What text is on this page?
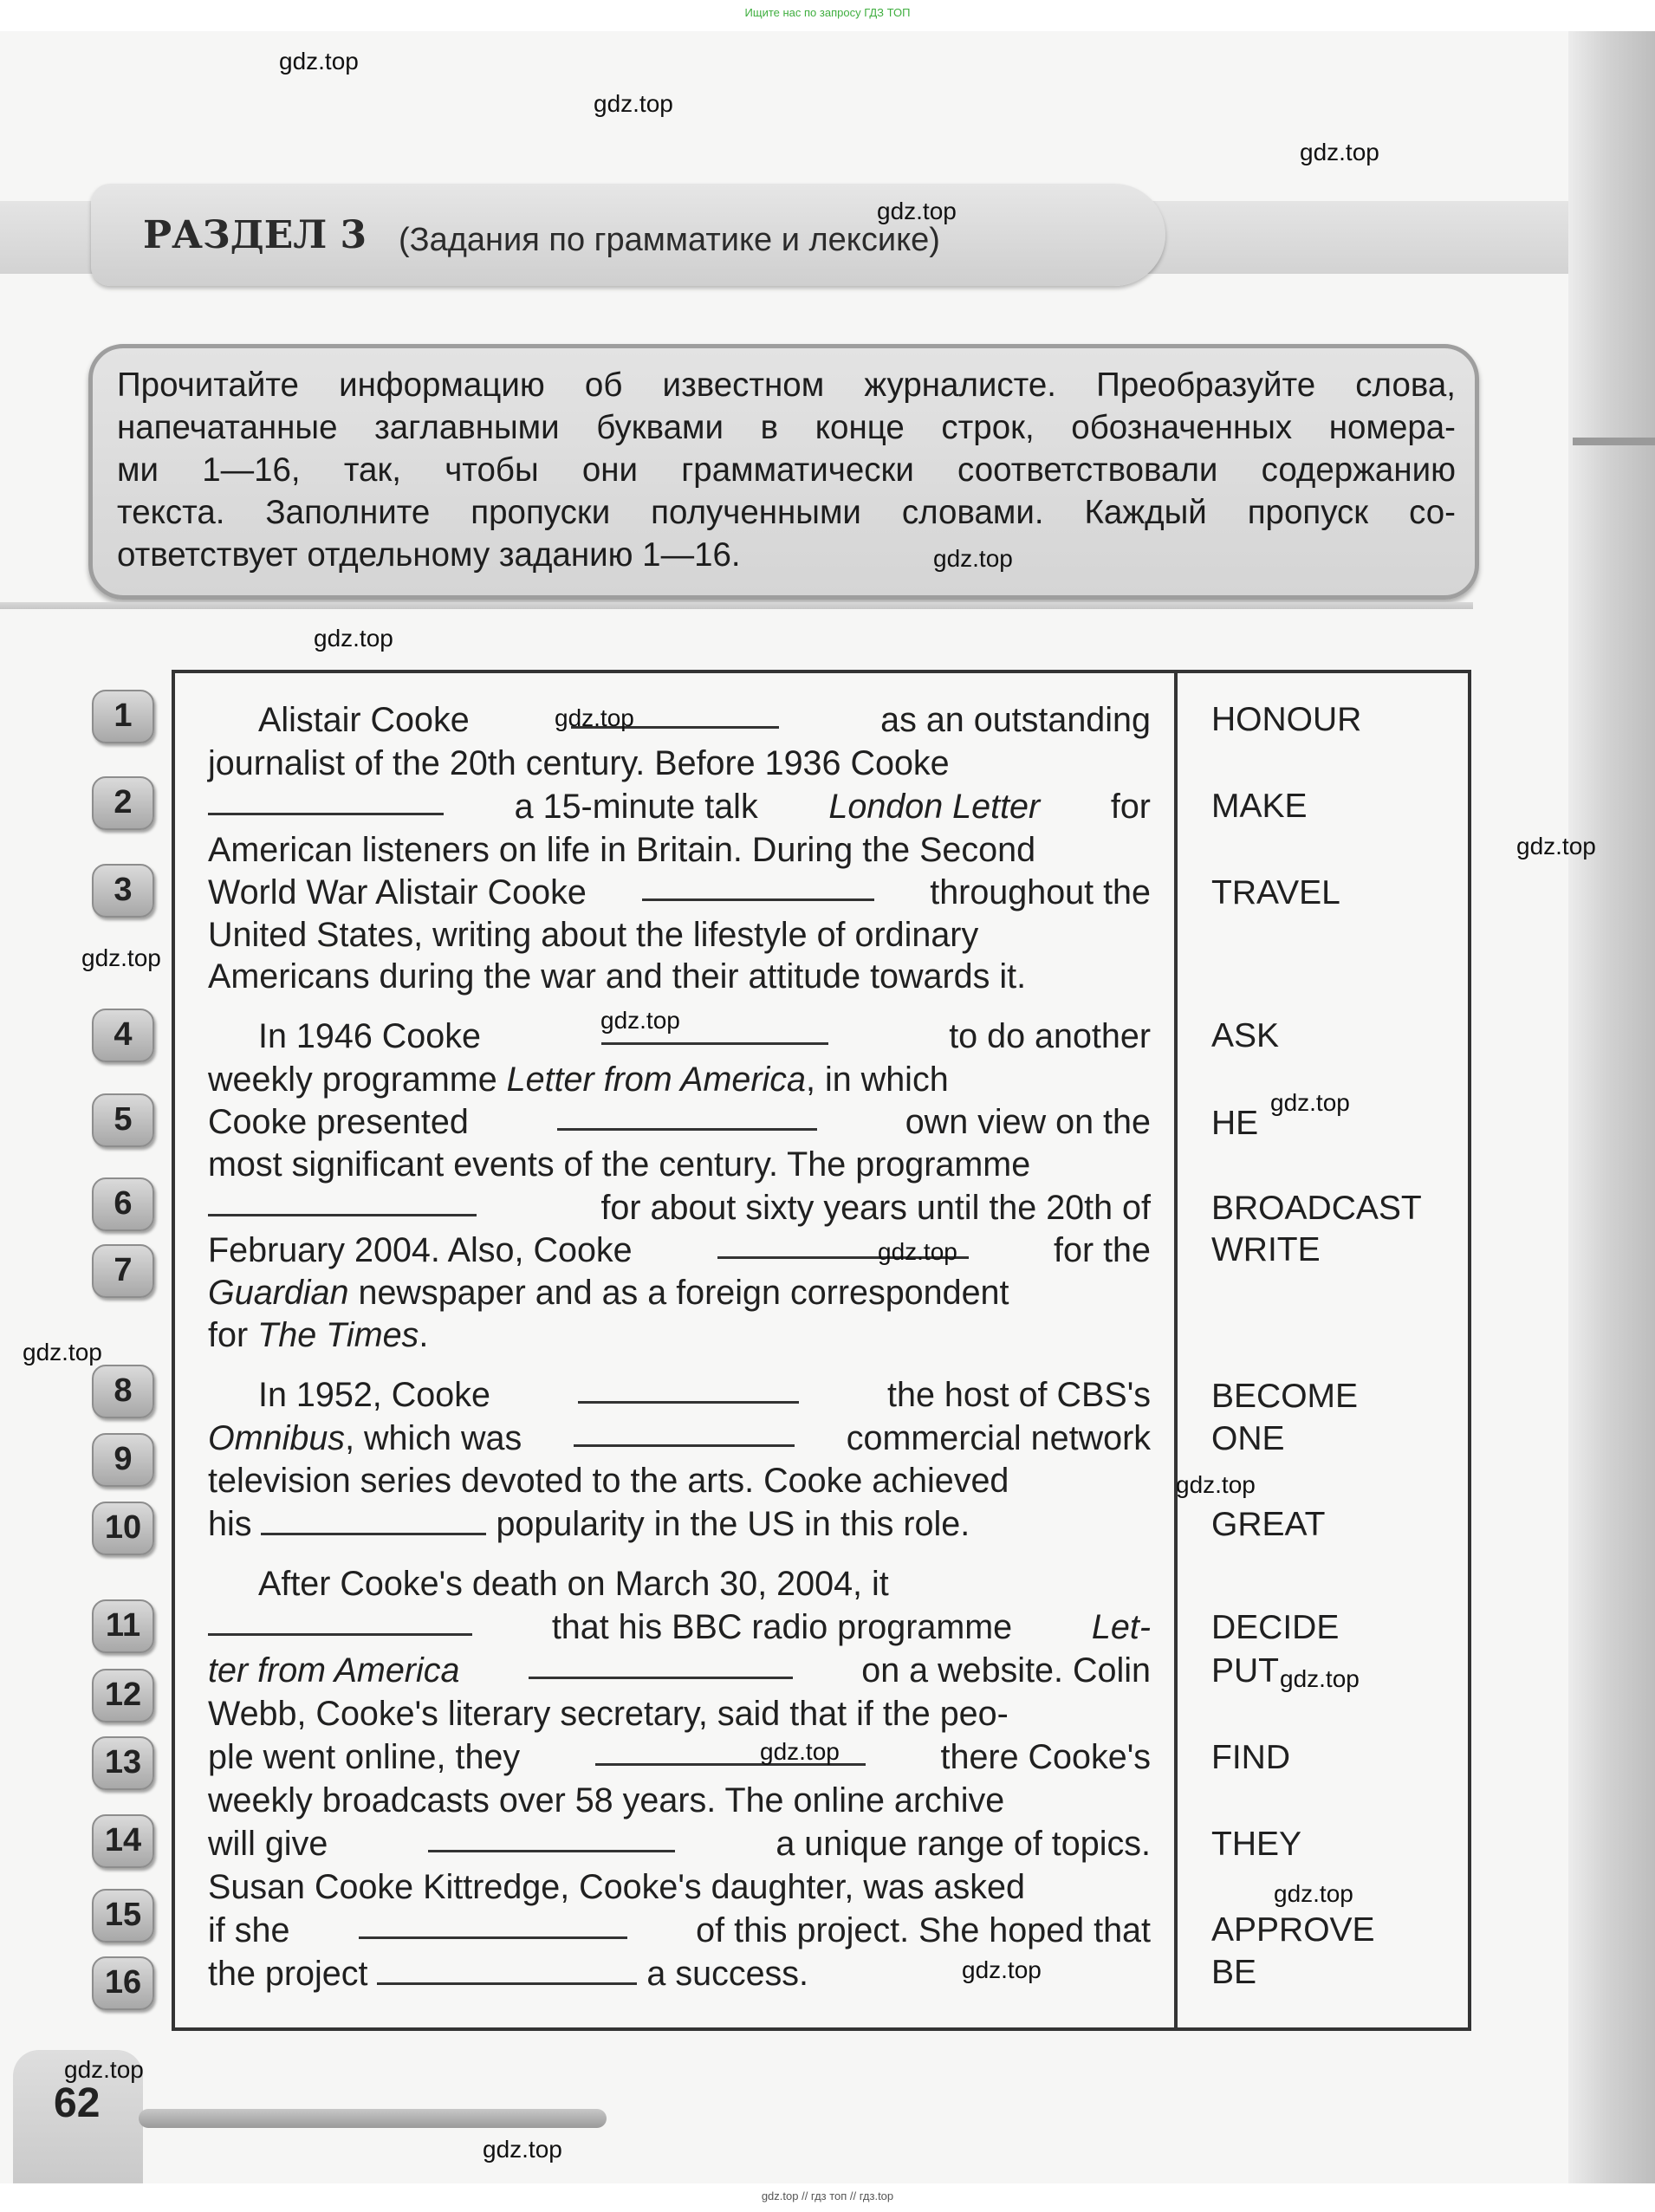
Ищите нас по запросу ГДЗ ТОП
РАЗДЕЛ 3 (Задания по грамматике и лексике)
Прочитайте информацию об известном журналисте. Преобразуйте слова,
напечатанные заглавными буквами в конце строк, обозначенных номера-
ми 1—16, так, чтобы они грамматически соответствовали содержанию
текста. Заполните пропуски полученными словами. Каждый пропуск со-
ответствует отдельному заданию 1—16.
1
2
3
4
5
6
7
8
9
10
11
12
13
14
15
16
Alistair Cooke	as an outstanding
journalist of the 20th century. Before 1936 Cooke
a 15-minute talk London Letter for
American listeners on life in Britain. During the Second
World War Alistair Cooke	throughout the
United States, writing about the lifestyle of ordinary
Americans during the war and their attitude towards it.
In 1946 Cooke	to do another
weekly programme Letter from America, in which
Cooke presented	own view on the
most significant events of the century. The programme
for about sixty years until the 20th of
February 2004. Also, Cooke	for the
Guardian newspaper and as a foreign correspondent
for The Times.
In 1952, Cooke	the host of CBS's
Omnibus, which was	commercial network
television series devoted to the arts. Cooke achieved
his	popularity in the US in this role.
After Cooke's death on March 30, 2004, it
that his BBC radio programme Let-
ter from America	on a website. Colin
Webb, Cooke's literary secretary, said that if the peo-
ple went online, they	there Cooke's
weekly broadcasts over 58 years. The online archive
will give	a unique range of topics.
Susan Cooke Kittredge, Cooke's daughter, was asked
if she	of this project. She hoped that
the project	a success.
HONOUR
MAKE
TRAVEL
ASK
HE
BROADCAST
WRITE
BECOME
ONE
GREAT
DECIDE
PUT
FIND
THEY
APPROVE
BE
62
gdz.top
gdz.top
gdz.top
gdz.top
gdz.top
gdz.top
gdz.top
gdz.top
gdz.top
gdz.top
gdz.top
gdz.top
gdz.top
gdz.top
gdz.top
gdz.top
gdz.top
gdz.top
gdz.top
gdz.top
gdz.top // гдз топ // гдз.top
